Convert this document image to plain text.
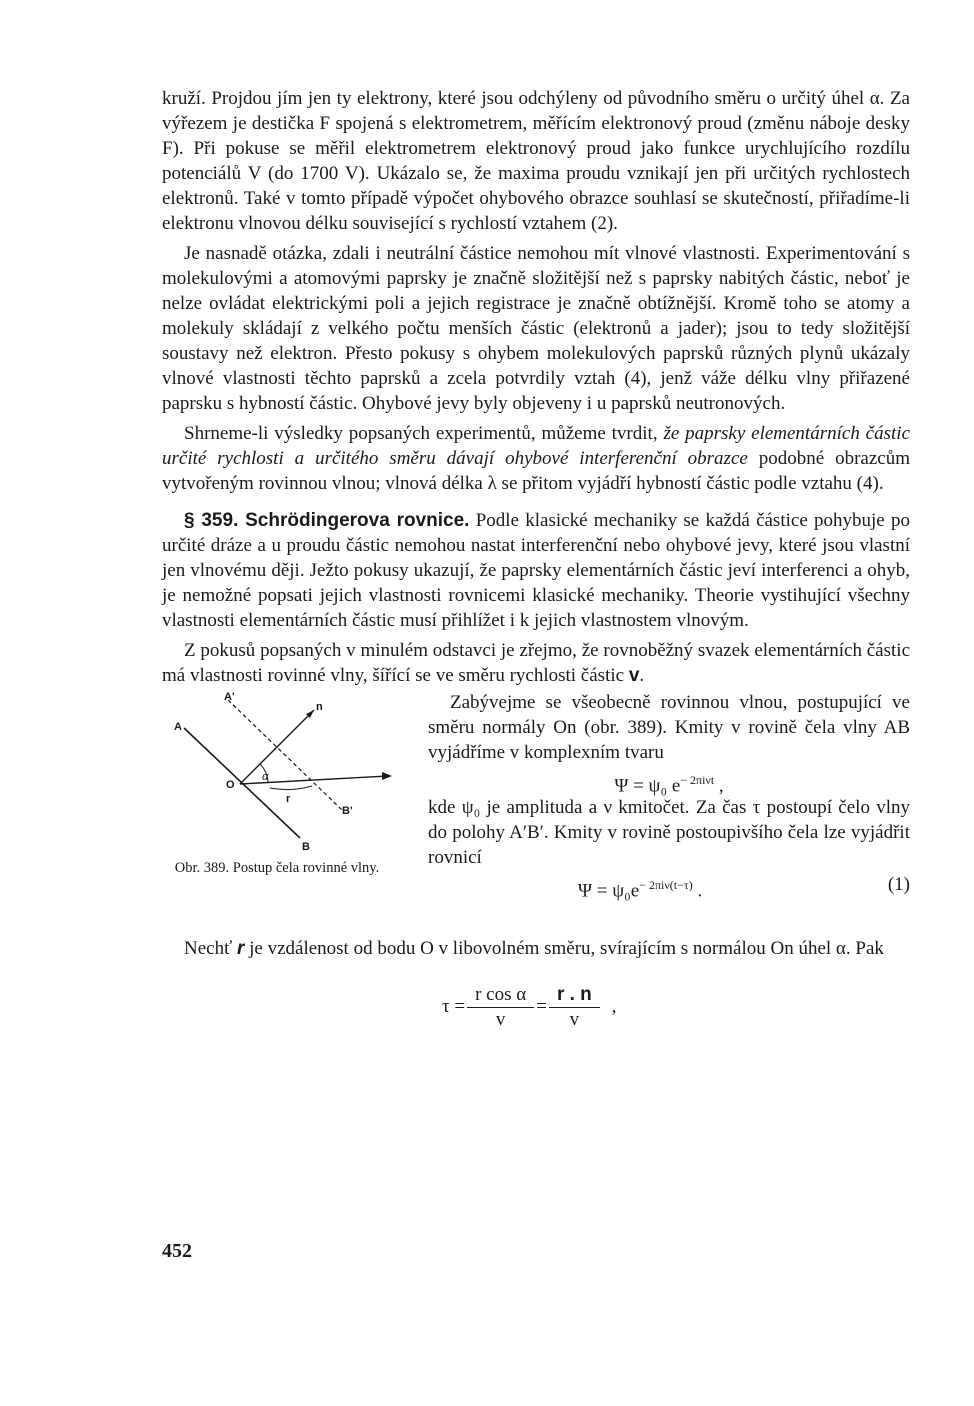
kruží. Projdou jím jen ty elektrony, které jsou odchýleny od původního směru o určitý úhel α. Za výřezem je destička F spojená s elektrometrem, měřícím elektronový proud (změnu náboje desky F). Při pokuse se měřil elektrometrem elektronový proud jako funkce urychlujícího rozdílu potenciálů V (do 1700 V). Ukázalo se, že maxima proudu vznikají jen při určitých rychlostech elektronů. Také v tomto případě výpočet ohybového obrazce souhlasí se skutečností, přiřadíme-li elektronu vlnovou délku související s rychlostí vztahem (2).

Je nasnadě otázka, zdali i neutrální částice nemohou mít vlnové vlastnosti. Experimentování s molekulovými a atomovými paprsky je značně složitější než s paprsky nabitých částic, neboť je nelze ovládat elektrickými poli a jejich registrace je značně obtížnější. Kromě toho se atomy a molekuly skládají z velkého počtu menších částic (elektronů a jader); jsou to tedy složitější soustavy než elektron. Přesto pokusy s ohybem molekulových paprsků různých plynů ukázaly vlnové vlastnosti těchto paprsků a zcela potvrdily vztah (4), jenž váže délku vlny přiřazené paprsku s hybností částic. Ohybové jevy byly objeveny i u paprsků neutronových.

Shrneme-li výsledky popsaných experimentů, můžeme tvrdit, že paprsky elementárních částic určité rychlosti a určitého směru dávají ohybové interferenční obrazce podobné obrazcům vytvořeným rovinnou vlnou; vlnová délka λ se přitom vyjádří hybností částic podle vztahu (4).

§ 359. Schrödingerova rovnice. Podle klasické mechaniky se každá částice pohybuje po určité dráze a u proudu částic nemohou nastat interferenční nebo ohybové jevy, které jsou vlastní jen vlnovému ději. Ježto pokusy ukazují, že paprsky elementárních částic jeví interferenci a ohyb, je nemožné popsati jejich vlastnosti rovnicemi klasické mechaniky. Theorie vystihující všechny vlastnosti elementárních částic musí přihlížet i k jejich vlastnostem vlnovým.

Z pokusů popsaných v minulém odstavci je zřejmo, že rovnoběžný svazek elementárních částic má vlastnosti rovinné vlny, šířící se ve směru rychlosti částic v.

A'
A
n
O
α
r
B'
B
Obr. 389. Postup čela rovinné vlny.

Zabývejme se všeobecně rovinnou vlnou, postupující ve směru normály On (obr. 389). Kmity v rovině čela vlny AB vyjádříme v komplexním tvaru

Ψ = ψ₀ $e^{- 2\pi i\nu t}$ ,

kde ψ₀ je amplituda a ν kmitočet. Za čas τ postoupí čelo vlny do polohy A′B′. Kmity v rovině postoupivšího čela lze vyjádřit rovnicí

$\Psi = \psi_0e^{- 2\pi i\nu(t-\tau)}$ .	(1)

Nechť r je vzdálenost od bodu O v libovolném směru, svírajícím s normálou On úhel α. Pak

$\tau = \frac{\text{r cos α}}{v} = \frac{r . n}{v}$ ,
452
